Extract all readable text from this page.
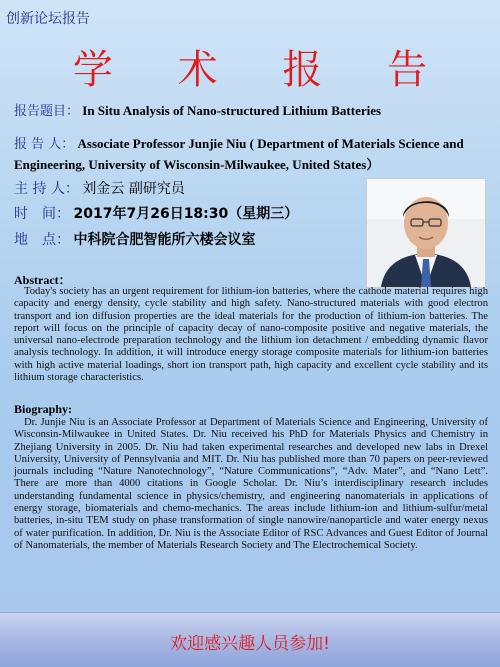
创新论坛报告
学 术 报 告
报告题目： In Situ Analysis of Nano-structured Lithium Batteries
报 告 人： Associate Professor Junjie Niu ( Department of Materials Science and Engineering, University of Wisconsin-Milwaukee, United States）
主 持 人： 刘金云 副研究员
时　间： 2017年7月26日18:30（星期三）
地　点： 中科院合肥智能所六楼会议室
Abstract：
Today's society has an urgent requirement for lithium-ion batteries, where the cathode material requires high capacity and energy density, cycle stability and high safety. Nano-structured materials with good electron transport and ion diffusion properties are the ideal materials for the production of lithium-ion batteries. The report will focus on the principle of capacity decay of nano-composite positive and negative materials, the universal nano-electrode preparation technology and the lithium ion detachment / embedding dynamic flavor analysis technology. In addition, it will introduce energy storage composite materials for lithium-ion batteries with high active material loadings, short ion transport path, high capacity and excellent cycle stability and its lithium storage characteristics.
Biography:
Dr. Junjie Niu is an Associate Professor at Department of Materials Science and Engineering, University of Wisconsin-Milwaukee in United States. Dr. Niu received his PhD for Materials Physics and Chemistry in Zhejiang University in 2005. Dr. Niu had taken experimental researches and developed new labs in Drexel University, University of Pennsylvania and MIT. Dr. Niu has published more than 70 papers on peer-reviewed journals including “Nature Nanotechnology”, “Nature Communications”, “Adv. Mater”, and “Nano Lett”. There are more than 4000 citations in Google Scholar. Dr. Niu’s interdisciplinary research includes understanding fundamental science in physics/chemistry, and engineering nanomaterials in applications of energy storage, biomaterials and chemo-mechanics. The areas include lithium-ion and lithium-sulfur/metal batteries, in-situ TEM study on phase transformation of single nanowire/nanoparticle and water energy nexus of water purification. In addition, Dr. Niu is the Associate Editor of RSC Advances and Guest Editor of Journal of Nanomaterials, the member of Materials Research Society and The Electrochemical Society.
欢迎感兴趣人员参加!
